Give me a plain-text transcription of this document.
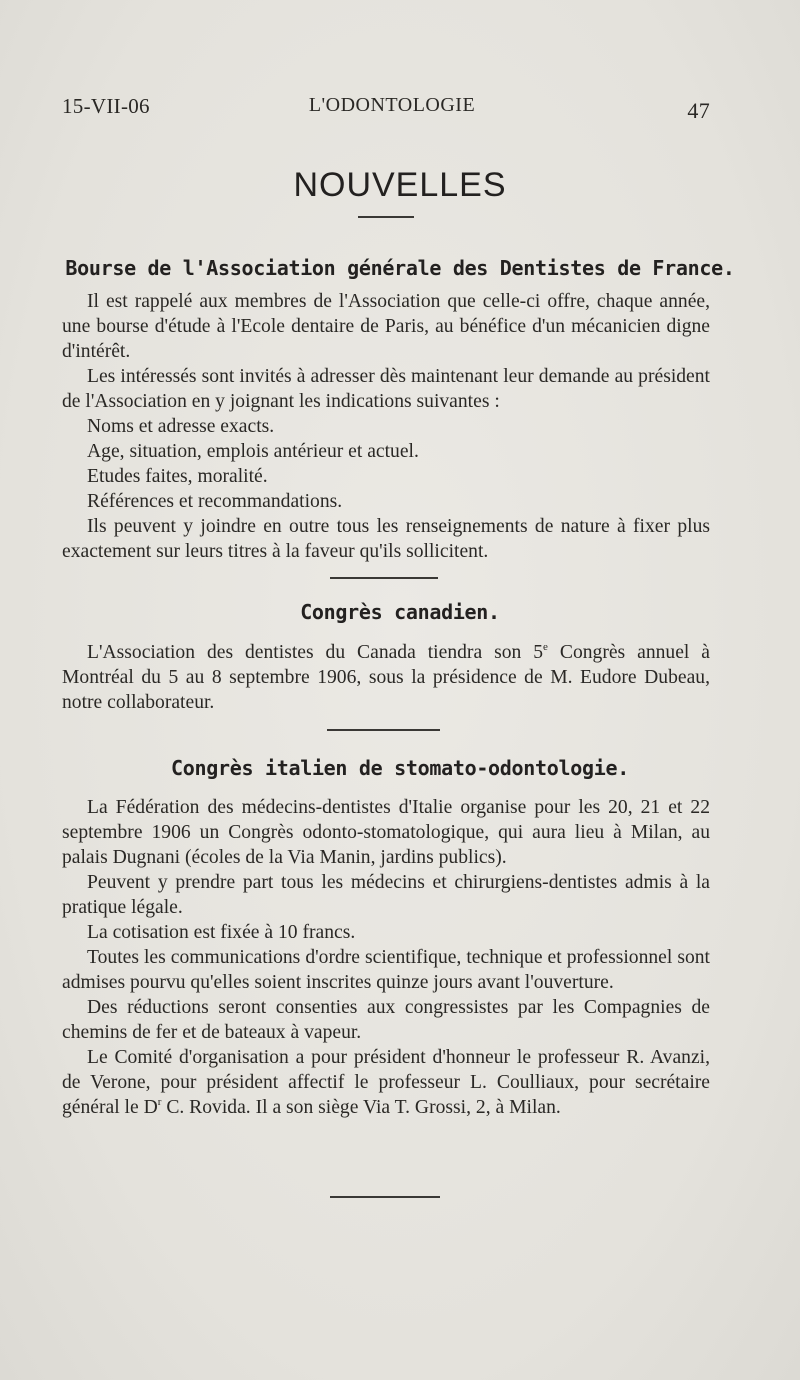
15-VII-06	L'ODONTOLOGIE	47
NOUVELLES
Bourse de l'Association générale des Dentistes de France.

Il est rappelé aux membres de l'Association que celle-ci offre, chaque année, une bourse d'étude à l'Ecole dentaire de Paris, au bénéfice d'un mécanicien digne d'intérêt.

Les intéressés sont invités à adresser dès maintenant leur demande au président de l'Association en y joignant les indications suivantes :

Noms et adresse exacts.

Age, situation, emplois antérieur et actuel.

Etudes faites, moralité.

Références et recommandations.

Ils peuvent y joindre en outre tous les renseignements de nature à fixer plus exactement sur leurs titres à la faveur qu'ils sollicitent.

Congrès canadien.

L'Association des dentistes du Canada tiendra son 5e Congrès annuel à Montréal du 5 au 8 septembre 1906, sous la présidence de M. Eudore Dubeau, notre collaborateur.

Congrès italien de stomato-odontologie.

La Fédération des médecins-dentistes d'Italie organise pour les 20, 21 et 22 septembre 1906 un Congrès odonto-stomatologique, qui aura lieu à Milan, au palais Dugnani (écoles de la Via Manin, jardins publics).

Peuvent y prendre part tous les médecins et chirurgiens-dentistes admis à la pratique légale.

La cotisation est fixée à 10 francs.

Toutes les communications d'ordre scientifique, technique et professionnel sont admises pourvu qu'elles soient inscrites quinze jours avant l'ouverture.

Des réductions seront consenties aux congressistes par les Compagnies de chemins de fer et de bateaux à vapeur.

Le Comité d'organisation a pour président d'honneur le professeur R. Avanzi, de Verone, pour président affectif le professeur L. Coulliaux, pour secrétaire général le $D^r$ C. Rovida. Il a son siège Via T. Grossi, 2, à Milan.
